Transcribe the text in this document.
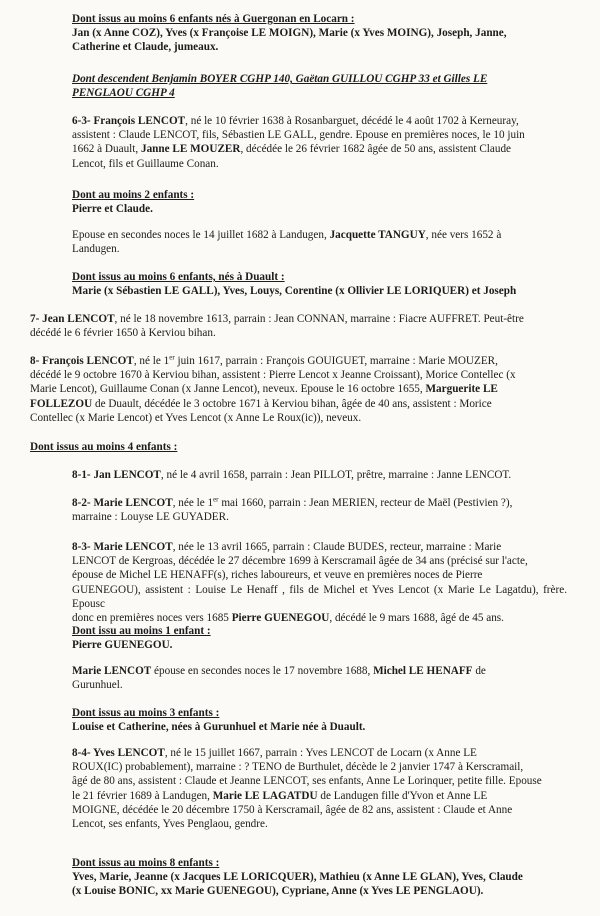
Dont issus au moins 6 enfants nés à Guergonan en Locarn :
Jan (x Anne COZ), Yves (x Françoise LE MOIGN), Marie (x Yves MOING), Joseph, Janne,
Catherine et Claude, jumeaux.
Dont descendent Benjamin BOYER CGHP 140, Gaëtan GUILLOU CGHP 33 et Gilles LE
PENGLAOU CGHP 4
6-3- François LENCOT, né le 10 février 1638 à Rosanbarguet, décédé le 4 août 1702 à Kerneuray,
assistent : Claude LENCOT, fils, Sébastien LE GALL, gendre. Epouse en premières noces, le 10 juin
1662 à Duault, Janne LE MOUZER, décédée le 26 février 1682 âgée de 50 ans, assistent Claude
Lencot, fils et Guillaume Conan.
Dont au moins 2 enfants :
Pierre et Claude.
Epouse en secondes noces le 14 juillet 1682 à Landugen, Jacquette TANGUY, née vers 1652 à
Landugen.
Dont issus au moins 6 enfants, nés à Duault :
Marie (x Sébastien LE GALL), Yves, Louys, Corentine (x Ollivier LE LORIQUER) et Joseph
7- Jean LENCOT, né le 18 novembre 1613, parrain : Jean CONNAN, marraine : Fiacre AUFFRET. Peut-être
décédé le 6 février 1650 à Kerviou bihan.
8- François LENCOT, né le 1er juin 1617, parrain : François GOUIGUET, marraine : Marie MOUZER,
décédé le 9 octobre 1670 à Kerviou bihan, assistent : Pierre Lencot x Jeanne Croissant), Morice Contellec (x
Marie Lencot), Guillaume Conan (x Janne Lencot), neveux. Epouse le 16 octobre 1655, Marguerite LE
FOLLEZOU de Duault, décédée le 3 octobre 1671 à Kerviou bihan, âgée de 40 ans, assistent : Morice
Contellec (x Marie Lencot) et Yves Lencot (x Anne Le Roux(ic)), neveux.
Dont issus au moins 4 enfants :
8-1- Jan LENCOT, né le 4 avril 1658, parrain : Jean PILLOT, prêtre, marraine : Janne LENCOT.
8-2- Marie LENCOT, née le 1er mai 1660, parrain : Jean MERIEN, recteur de Maël (Pestivien ?),
marraine : Louyse LE GUYADER.
8-3- Marie LENCOT, née le 13 avril 1665, parrain : Claude BUDES, recteur, marraine : Marie
LENCOT de Kergroas, décédée le 27 décembre 1699 à Kerscramail âgée de 34 ans (précisé sur l'acte,
épouse de Michel LE HENAFF(s), riches laboureurs, et veuve en premières noces de Pierre
GUENEGOU), assistent : Louise Le Henaff , fils de Michel et Yves Lencot (x Marie Le Lagatdu), frère. Epousc
donc en premières noces vers 1685 Pierre GUENEGOU, décédé le 9 mars 1688, âgé de 45 ans.
Dont issu au moins 1 enfant :
Pierre GUENEGOU.
Marie LENCOT épouse en secondes noces le 17 novembre 1688, Michel LE HENAFF de
Gurunhuel.
Dont issus au moins 3 enfants :
Louise et Catherine, nées à Gurunhuel et Marie née à Duault.
8-4- Yves LENCOT, né le 15 juillet 1667, parrain : Yves LENCOT de Locarn (x Anne LE
ROUX(IC) probablement), marraine : ? TENO de Burthulet, décède le 2 janvier 1747 à Kerscramail,
âgé de 80 ans, assistent : Claude et Jeanne LENCOT, ses enfants, Anne Le Lorinquer, petite fille. Epouse
le 21 février 1689 à Landugen, Marie LE LAGATDU de Landugen fille d'Yvon et Anne LE
MOIGNE, décédée le 20 décembre 1750 à Kerscramail, âgée de 82 ans, assistent : Claude et Anne
Lencot, ses enfants, Yves Penglaou, gendre.
Dont issus au moins 8 enfants :
Yves, Marie, Jeanne (x Jacques LE LORICQUER), Mathieu (x Anne LE GLAN), Yves, Claude
(x Louise BONIC, xx Marie GUENEGOU), Cypriane, Anne (x Yves LE PENGLAOU).
